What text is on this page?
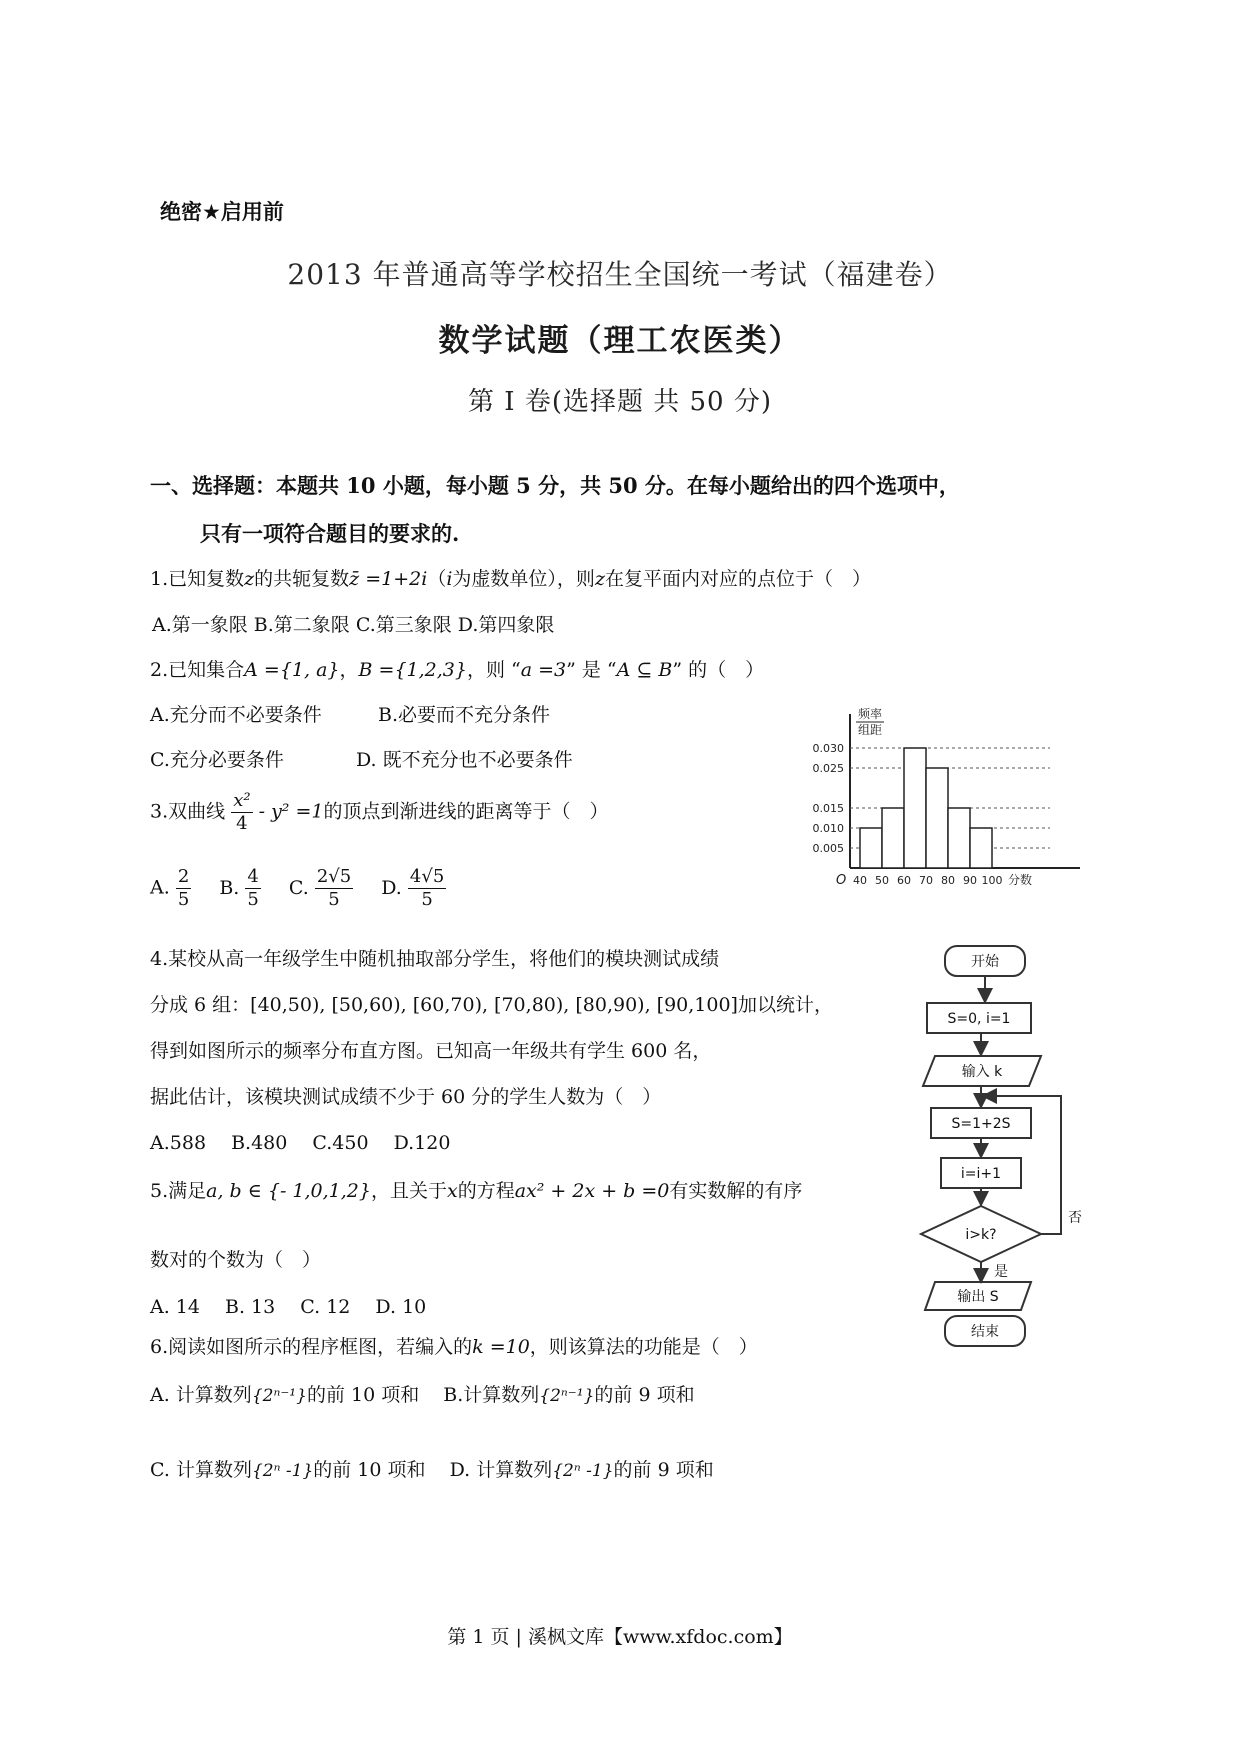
绝密★启用前
2013 年普通高等学校招生全国统一考试（福建卷）
数学试题（理工农医类）
第 I 卷(选择题 共 50 分)
一、选择题：本题共 10 小题，每小题 5 分，共 50 分。在每小题给出的四个选项中，
只有一项符合题目的要求的.
1.已知复数z的共轭复数z̄ =1+2i（i为虚数单位），则z在复平面内对应的点位于（　）
A.第一象限 B.第二象限 C.第三象限 D.第四象限
2.已知集合A ={1, a}，B ={1,2,3}，则 “a =3” 是 “A ⊆ B” 的（　）
A.充分而不必要条件	B.必要而不充分条件
C.充分必要条件	D. 既不充分也不必要条件
3.双曲线 $\frac{\text{x²}}{4} - y^2 =1$的顶点到渐进线的距离等于（　）
A. $\frac{2}{5} B$. $\frac{4}{5} C$. $\frac{2√5}{5} D$. $\frac{4√5}{5}$
4.某校从高一年级学生中随机抽取部分学生，将他们的模块测试成绩
分成 6 组：[40,50), [50,60), [60,70), [70,80), [80,90), [90,100]加以统计，
得到如图所示的频率分布直方图。已知高一年级共有学生 600 名，
据此估计，该模块测试成绩不少于 60 分的学生人数为（　）
A.588　 B.480　 C.450　 D.120
5.满足a, b ∈ {- 1,0,1,2}，且关于x的方程ax² + 2x + b =0有实数解的有序
数对的个数为（　）
A. 14　 B. 13　 C. 12　 D. 10
6.阅读如图所示的程序框图，若编入的k =10，则该算法的功能是（　）
A. 计算数列{2ⁿ⁻¹}的前 10 项和 B.计算数列{2ⁿ⁻¹}的前 9 项和
C. 计算数列{2ⁿ -1}的前 10 项和 D. 计算数列{2ⁿ -1}的前 9 项和
0.030
0.025
0.015
0.010
0.005
40 50 60 70 80 90 100
O	分数
频率
组距
开始
S=0, i=1
输入 k
S=1+2S
i=i+1
i>k?
是
否
输出 S
结束
第 1 页 | 溪枫文库【www.xfdoc.com】
